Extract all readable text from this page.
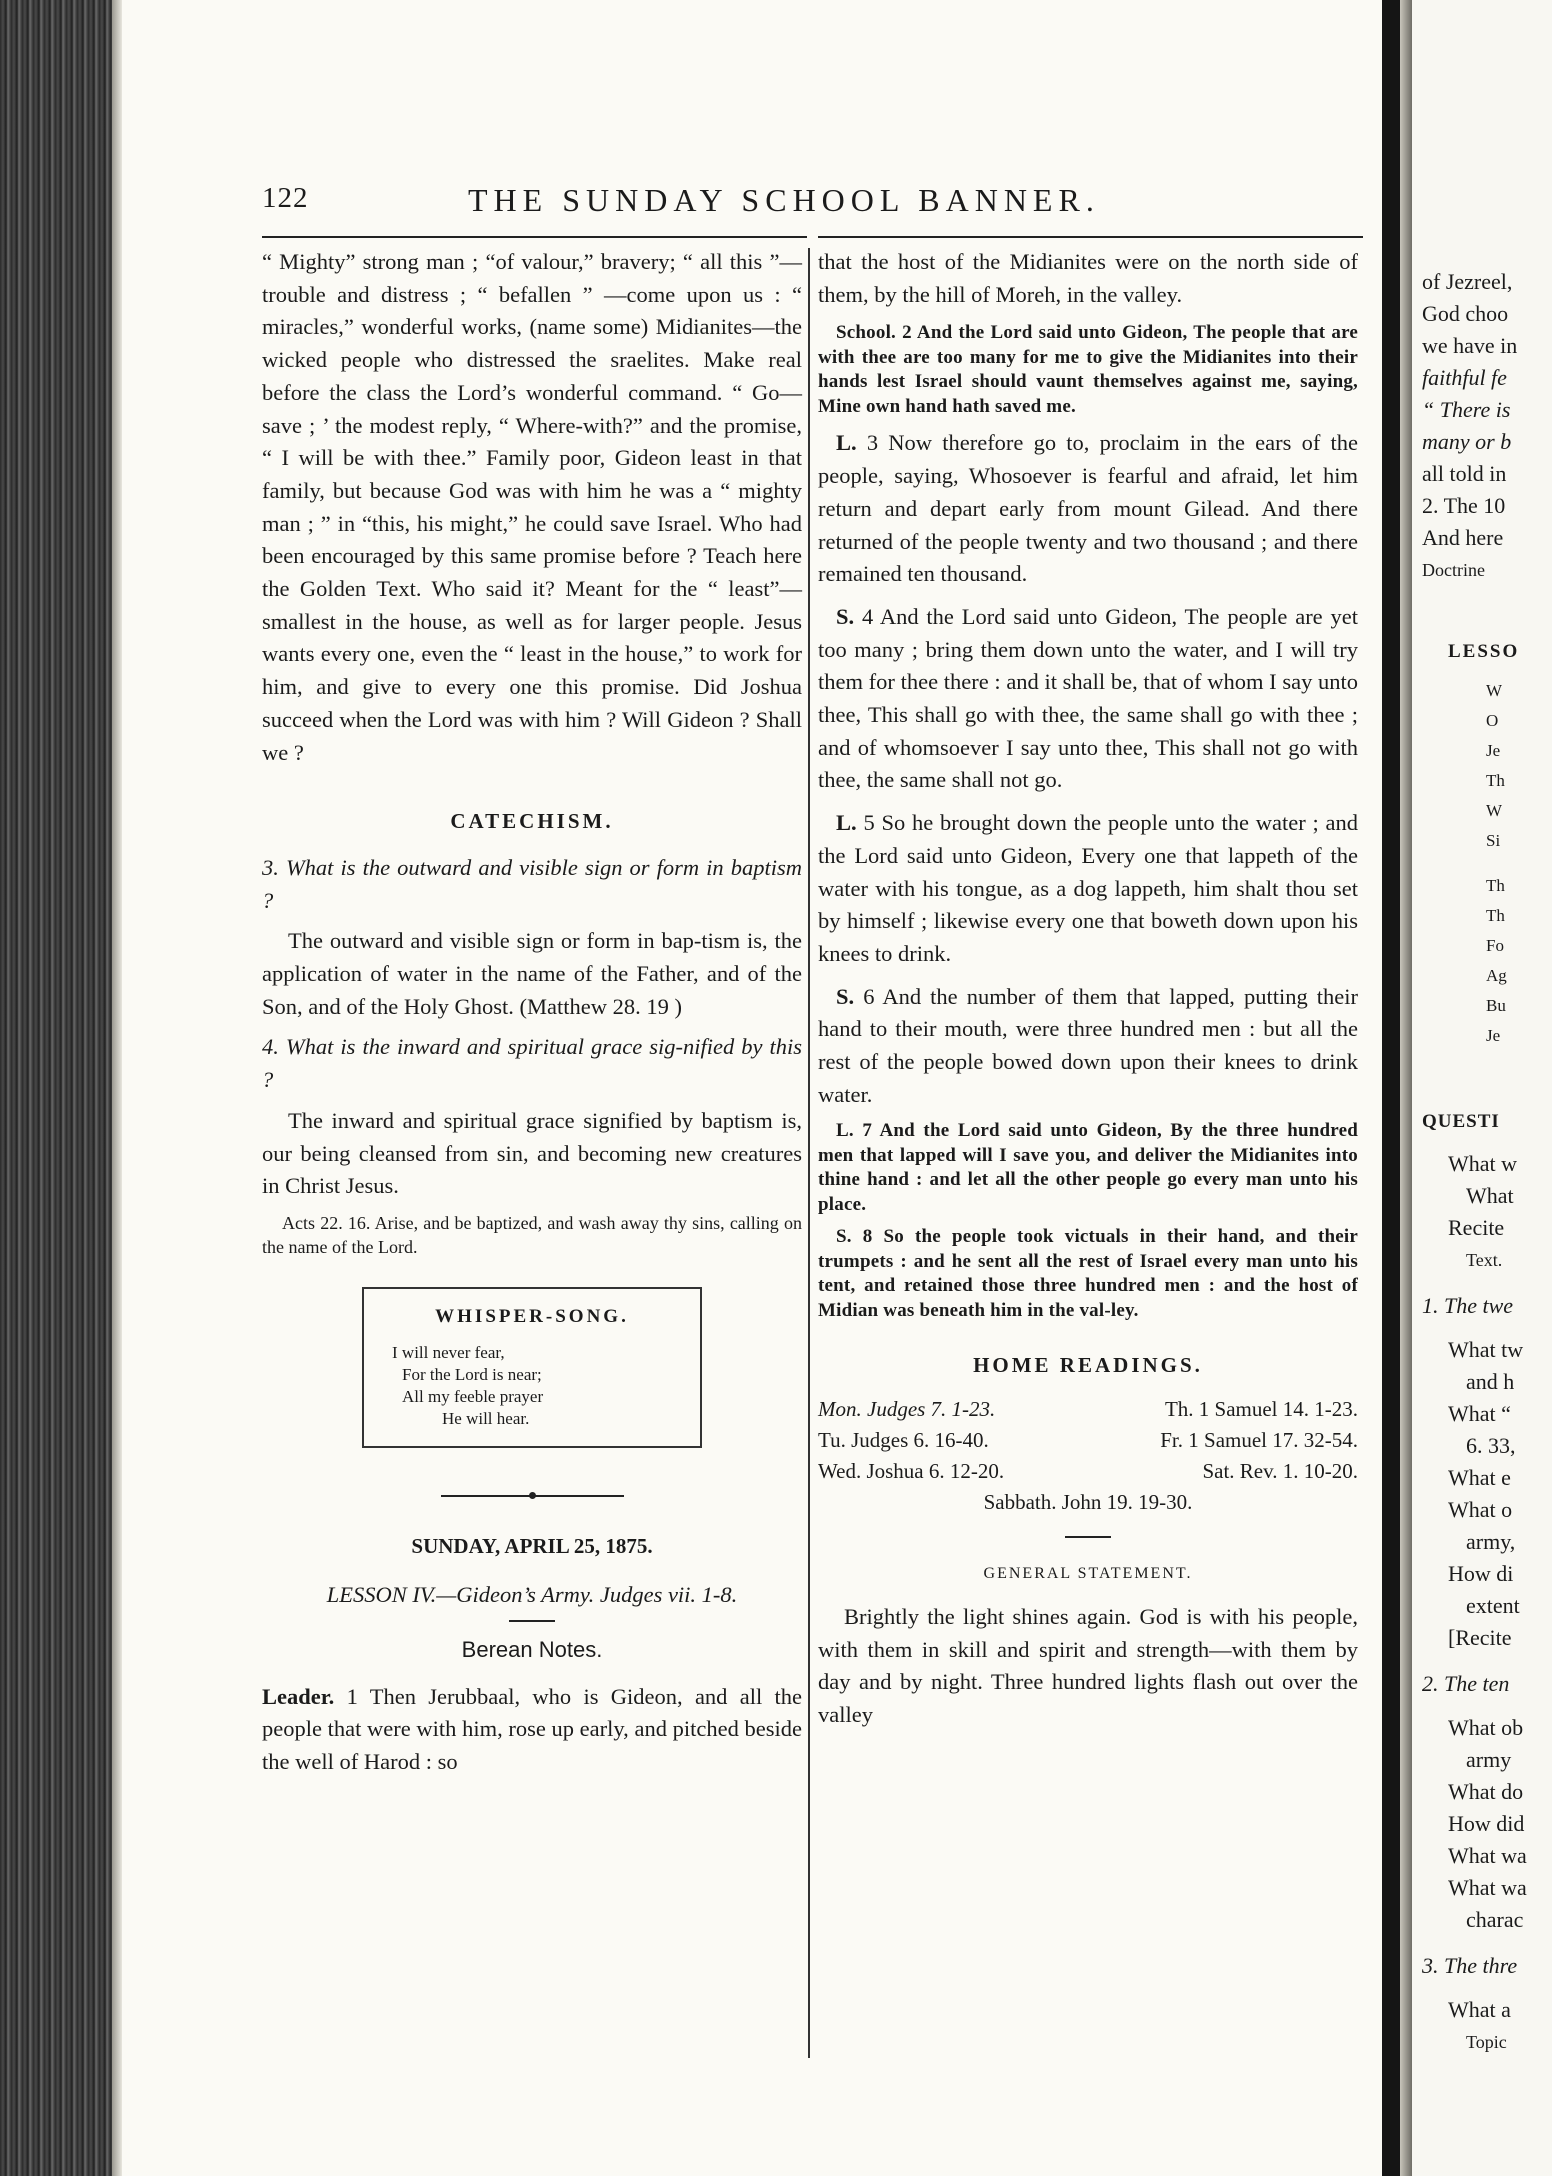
122	THE SUNDAY SCHOOL BANNER.

“ Mighty” strong man ; “of valour,” bravery; “ all this ”—trouble and distress ; “ befallen ” —come upon us : “ miracles,” wonderful works, (name some) Midianites—the wicked people who distressed the sraelites. Make real before the class the Lord’s wonderful command. “ Go—save ; ’ the modest reply, “ Where-with?” and the promise, “ I will be with thee.” Family poor, Gideon least in that family, but because God was with him he was a “ mighty man ; ” in “this, his might,” he could save Israel. Who had been encouraged by this same promise before ? Teach here the Golden Text. Who said it? Meant for the “ least”—smallest in the house, as well as for larger people. Jesus wants every one, even the “ least in the house,” to work for him, and give to every one this promise. Did Joshua succeed when the Lord was with him ? Will Gideon ? Shall we ?

CATECHISM.

3. What is the outward and visible sign or form in baptism ?

The outward and visible sign or form in bap-tism is, the application of water in the name of the Father, and of the Son, and of the Holy Ghost. (Matthew 28. 19 )

4. What is the inward and spiritual grace sig-nified by this ?

The inward and spiritual grace signified by baptism is, our being cleansed from sin, and becoming new creatures in Christ Jesus.

Acts 22. 16. Arise, and be baptized, and wash away thy sins, calling on the name of the Lord.

WHISPER-SONG.
I will never fear,
For the Lord is near;
All my feeble prayer
He will hear.
SUNDAY, APRIL 25, 1875.
LESSON IV.—Gideon’s Army. Judges vii. 1-8.
Berean Notes.

Leader. 1 Then Jerubbaal, who is Gideon, and all the people that were with him, rose up early, and pitched beside the well of Harod : so

that the host of the Midianites were on the north side of them, by the hill of Moreh, in the valley.

School. 2 And the Lord said unto Gideon, The people that are with thee are too many for me to give the Midianites into their hands lest Israel should vaunt themselves against me, saying, Mine own hand hath saved me.

L. 3 Now therefore go to, proclaim in the ears of the people, saying, Whosoever is fearful and afraid, let him return and depart early from mount Gilead. And there returned of the people twenty and two thousand ; and there remained ten thousand.

S. 4 And the Lord said unto Gideon, The people are yet too many ; bring them down unto the water, and I will try them for thee there : and it shall be, that of whom I say unto thee, This shall go with thee, the same shall go with thee ; and of whomsoever I say unto thee, This shall not go with thee, the same shall not go.

L. 5 So he brought down the people unto the water ; and the Lord said unto Gideon, Every one that lappeth of the water with his tongue, as a dog lappeth, him shalt thou set by himself ; likewise every one that boweth down upon his knees to drink.

S. 6 And the number of them that lapped, putting their hand to their mouth, were three hundred men : but all the rest of the people bowed down upon their knees to drink water.

L. 7 And the Lord said unto Gideon, By the three hundred men that lapped will I save you, and deliver the Midianites into thine hand : and let all the other people go every man unto his place.

S. 8 So the people took victuals in their hand, and their trumpets : and he sent all the rest of Israel every man unto his tent, and retained those three hundred men : and the host of Midian was beneath him in the val-ley.

HOME READINGS.
Mon. Judges 7. 1-23.	Th. 1 Samuel 14. 1-23.
Tu. Judges 6. 16-40.	Fr. 1 Samuel 17. 32-54.
Wed. Joshua 6. 12-20.	Sat. Rev. 1. 10-20.
Sabbath. John 19. 19-30.
GENERAL STATEMENT.

Brightly the light shines again. God is with his people, with them in skill and spirit and strength—with them by day and by night. Three hundred lights flash out over the valley

of Jezreel,
God choo
we have in
faithful fe
“ There is
many or b
all told in
2. The 10
And here
Doctrine
LESSO
W
O
Je
Th
W
Si
Th
Th
Fo
Ag
Bu
Je
QUESTI
What w
What
Recite
Text.
1. The twe
What tw
and h
What “
6. 33,
What e
What o
army,
How di
extent
[Recite
2. The ten
What ob
army
What do
How did
What wa
What wa
charac
3. The thre
What a
Topic
